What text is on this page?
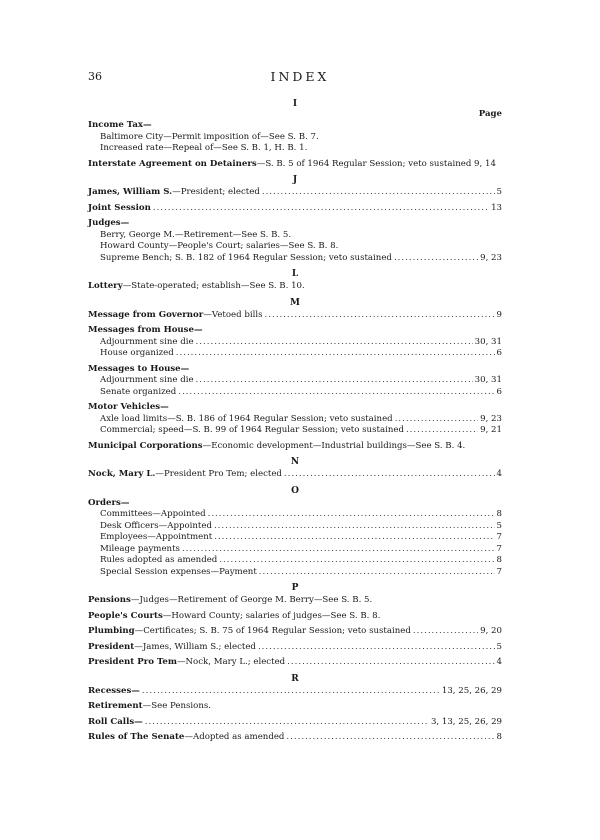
36	INDEX
I
Page
Income Tax—
Baltimore City—Permit imposition of—See S. B. 7.
Increased rate—Repeal of—See S. B. 1, H. B. 1.
Interstate Agreement on Detainers—S. B. 5 of 1964 Regular Session; veto sustained 9, 14
J
James, William S.—President; elected .....	5
Joint Session .....	13
Judges—
Berry, George M.—Retirement—See S. B. 5.
Howard County—People's Court; salaries—See S. B. 8.
Supreme Bench; S. B. 182 of 1964 Regular Session; veto sustained .....	9, 23
L
Lottery—State-operated; establish—See S. B. 10.
M
Message from Governor—Vetoed bills .....	9
Messages from House—
Adjournment sine die .....	30, 31
House organized .....	6
Messages to House—
Adjournment sine die .....	30, 31
Senate organized .....	6
Motor Vehicles—
Axle load limits—S. B. 186 of 1964 Regular Session; veto sustained .....	9, 23
Commercial; speed—S. B. 99 of 1964 Regular Session; veto sustained .....	9, 21
Municipal Corporations—Economic development—Industrial buildings—See S. B. 4.
N
Nock, Mary L.—President Pro Tem; elected .....	4
O
Orders—
Committees—Appointed .....	8
Desk Officers—Appointed .....	5
Employees—Appointment .....	7
Mileage payments .....	7
Rules adopted as amended .....	8
Special Session expenses—Payment .....	7
P
Pensions—Judges—Retirement of George M. Berry—See S. B. 5.
People's Courts—Howard County; salaries of judges—See S. B. 8.
Plumbing—Certificates; S. B. 75 of 1964 Regular Session; veto sustained .....	9, 20
President—James, William S.; elected .....	5
President Pro Tem—Nock, Mary L.; elected .....	4
R
Recesses— .....	13, 25, 26, 29
Retirement—See Pensions.
Roll Calls— .....	3, 13, 25, 26, 29
Rules of The Senate—Adopted as amended .....	8
